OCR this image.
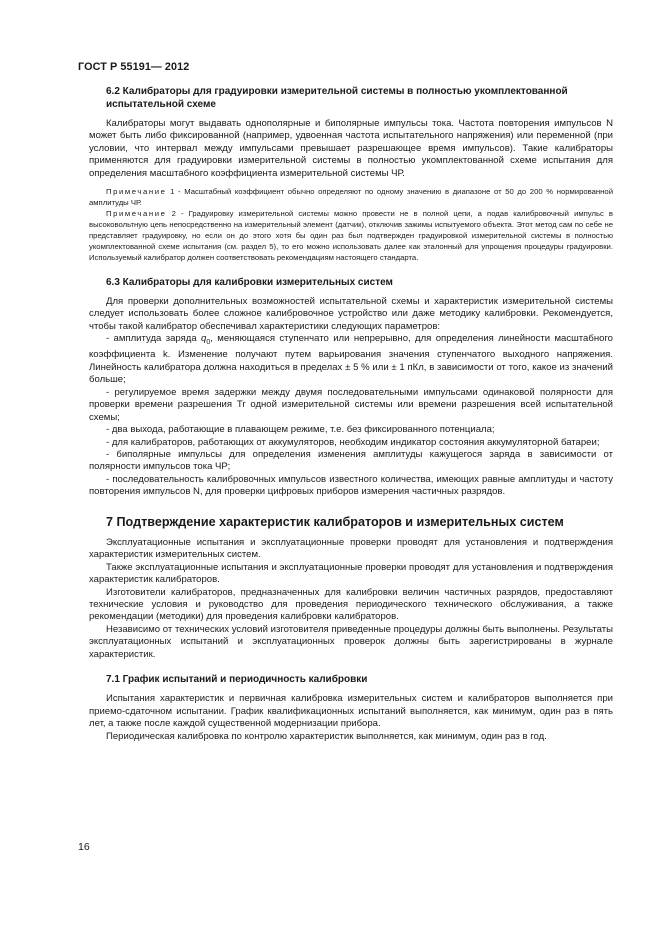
ГОСТ Р 55191— 2012

6.2 Калибраторы для градуировки измерительной системы в полностью укомплектованной испытательной схеме

Калибраторы могут выдавать однополярные и биполярные импульсы тока. Частота повторения импульсов N может быть либо фиксированной (например, удвоенная частота испытательного напряжения) или переменной (при условии, что интервал между импульсами превышает разрешающее время импульсов). Такие калибраторы применяются для градуировки измерительной системы в полностью укомплектованной схеме испытания для определения масштабного коэффициента измерительной системы ЧР.

Примечание 1 - Масштабный коэффициент обычно определяют по одному значению в диапазоне от 50 до 200 % нормированной амплитуды ЧР.

Примечание 2 - Градуировку измерительной системы можно провести не в полной цепи, а подав калибровочный импульс в высоковольтную цепь непосредственно на измерительный элемент (датчик), отключив зажимы испытуемого объекта. Этот метод сам по себе не представляет градуировку, но если он до этого хотя бы один раз был подтвержден градуировкой измерительной системы в полностью укомплектованной схеме испытания (см. раздел 5), то его можно использовать далее как эталонный для упрощения процедуры градуировки. Используемый калибратор должен соответствовать рекомендациям настоящего стандарта.

6.3 Калибраторы для калибровки измерительных систем

Для проверки дополнительных возможностей испытательной схемы и характеристик измерительной системы следует использовать более сложное калибровочное устройство или даже методику калибровки. Рекомендуется, чтобы такой калибратор обеспечивал характеристики следующих параметров:

- амплитуда заряда $q_0$, меняющаяся ступенчато или непрерывно, для определения линейности масштабного коэффициента k. Изменение получают путем варьирования значения ступенчатого выходного напряжения. Линейность калибратора должна находиться в пределах ± 5 % или ± 1 пКл, в зависимости от того, какое из значений больше;

- регулируемое время задержки между двумя последовательными импульсами одинаковой полярности для проверки времени разрешения Tr одной измерительной системы или времени разрешения всей испытательной схемы;

- два выхода, работающие в плавающем режиме, т.е. без фиксированного потенциала;

- для калибраторов, работающих от аккумуляторов, необходим индикатор состояния аккумуляторной батареи;

- биполярные импульсы для определения изменения амплитуды кажущегося заряда в зависимости от полярности импульсов тока ЧР;

- последовательность калибровочных импульсов известного количества, имеющих равные амплитуды и частоту повторения импульсов N, для проверки цифровых приборов измерения частичных разрядов.

7 Подтверждение характеристик калибраторов и измерительных систем

Эксплуатационные испытания и эксплуатационные проверки проводят для установления и подтверждения характеристик измерительных систем.

Также эксплуатационные испытания и эксплуатационные проверки проводят для установления и подтверждения характеристик калибраторов.

Изготовители калибраторов, предназначенных для калибровки величин частичных разрядов, предоставляют технические условия и руководство для проведения периодического технического обслуживания, а также рекомендации (методики) для проведения калибровки калибраторов.

Независимо от технических условий изготовителя приведенные процедуры должны быть выполнены. Результаты эксплуатационных испытаний и эксплуатационных проверок должны быть зарегистрированы в журнале характеристик.

7.1 График испытаний и периодичность калибровки

Испытания характеристик и первичная калибровка измерительных систем и калибраторов выполняется при приемо-сдаточном испытании. График квалификационных испытаний выполняется, как минимум, один раз в пять лет, а также после каждой существенной модернизации прибора.

Периодическая калибровка по контролю характеристик выполняется, как минимум, один раз в год.

16
